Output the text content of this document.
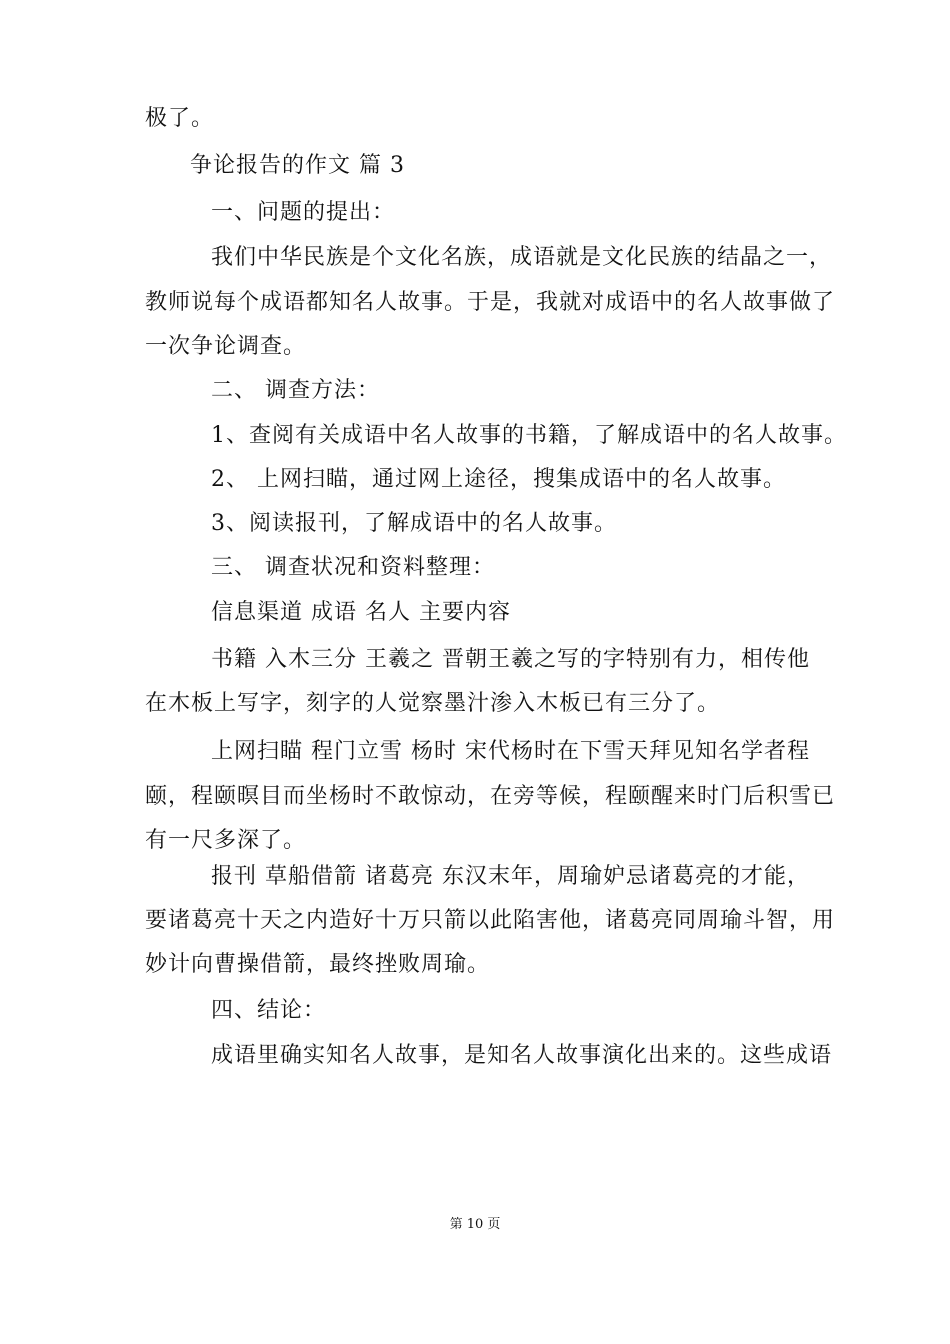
极了。
争论报告的作文 篇 3
一、问题的提出：
我们中华民族是个文化名族，成语就是文化民族的结晶之一，
教师说每个成语都知名人故事。于是，我就对成语中的名人故事做了
一次争论调查。
二、 调查方法：
1、查阅有关成语中名人故事的书籍，了解成语中的名人故事。
2、 上网扫瞄，通过网上途径，搜集成语中的名人故事。
3、阅读报刊，了解成语中的名人故事。
三、 调查状况和资料整理：
信息渠道 成语 名人 主要内容
书籍 入木三分 王羲之 晋朝王羲之写的字特别有力，相传他
在木板上写字，刻字的人觉察墨汁渗入木板已有三分了。
上网扫瞄 程门立雪 杨时 宋代杨时在下雪天拜见知名学者程
颐，程颐暝目而坐杨时不敢惊动，在旁等候，程颐醒来时门后积雪已
有一尺多深了。
报刊 草船借箭 诸葛亮 东汉末年，周瑜妒忌诸葛亮的才能，
要诸葛亮十天之内造好十万只箭以此陷害他，诸葛亮同周瑜斗智，用
妙计向曹操借箭，最终挫败周瑜。
四、结论：
成语里确实知名人故事，是知名人故事演化出来的。这些成语
第 10 页
